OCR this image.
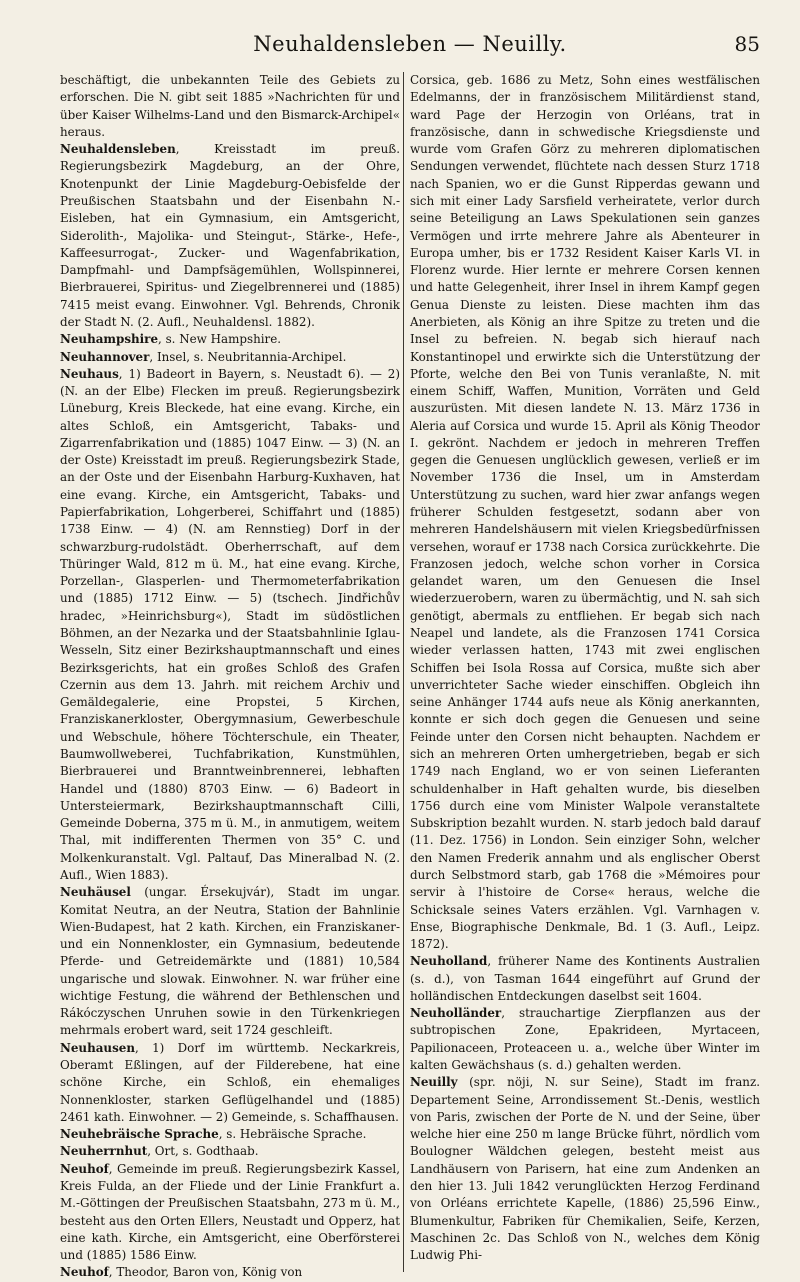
Neuhaldensleben — Neuilly.	85

beschäftigt, die unbekannten Teile des Gebiets zu erforschen. Die N. gibt seit 1885 »Nachrichten für und über Kaiser Wilhelms-Land und den Bismarck-Archipel« heraus.

Neuhaldensleben, Kreisstadt im preuß. Regierungsbezirk Magdeburg, an der Ohre, Knotenpunkt der Linie Magdeburg-Oebisfelde der Preußischen Staatsbahn und der Eisenbahn N.-Eisleben, hat ein Gymnasium, ein Amtsgericht, Siderolith-, Majolika- und Steingut-, Stärke-, Hefe-, Kaffeesurrogat-, Zucker- und Wagenfabrikation, Dampfmahl- und Dampfsägemühlen, Wollspinnerei, Bierbrauerei, Spiritus- und Ziegelbrennerei und (1885) 7415 meist evang. Einwohner. Vgl. Behrends, Chronik der Stadt N. (2. Aufl., Neuhaldensl. 1882).

Neuhampshire, s. New Hampshire.

Neuhannover, Insel, s. Neubritannia-Archipel.

Neuhaus, 1) Badeort in Bayern, s. Neustadt 6). — 2) (N. an der Elbe) Flecken im preuß. Regierungsbezirk Lüneburg, Kreis Bleckede, hat eine evang. Kirche, ein altes Schloß, ein Amtsgericht, Tabaks- und Zigarrenfabrikation und (1885) 1047 Einw. — 3) (N. an der Oste) Kreisstadt im preuß. Regierungsbezirk Stade, an der Oste und der Eisenbahn Harburg-Kuxhaven, hat eine evang. Kirche, ein Amtsgericht, Tabaks- und Papierfabrikation, Lohgerberei, Schiffahrt und (1885) 1738 Einw. — 4) (N. am Rennstieg) Dorf in der schwarzburg-rudolstädt. Oberherrschaft, auf dem Thüringer Wald, 812 m ü. M., hat eine evang. Kirche, Porzellan-, Glasperlen- und Thermometerfabrikation und (1885) 1712 Einw. — 5) (tschech. Jindřichův hradec, »Heinrichsburg«), Stadt im südöstlichen Böhmen, an der Nezarka und der Staatsbahnlinie Iglau-Wesseln, Sitz einer Bezirkshauptmannschaft und eines Bezirksgerichts, hat ein großes Schloß des Grafen Czernin aus dem 13. Jahrh. mit reichem Archiv und Gemäldegalerie, eine Propstei, 5 Kirchen, Franziskanerkloster, Obergymnasium, Gewerbeschule und Webschule, höhere Töchterschule, ein Theater, Baumwollweberei, Tuchfabrikation, Kunstmühlen, Bierbrauerei und Branntweinbrennerei, lebhaften Handel und (1880) 8703 Einw. — 6) Badeort in Untersteiermark, Bezirkshauptmannschaft Cilli, Gemeinde Doberna, 375 m ü. M., in anmutigem, weitem Thal, mit indifferenten Thermen von 35° C. und Molkenkuranstalt. Vgl. Paltauf, Das Mineralbad N. (2. Aufl., Wien 1883).

Neuhäusel (ungar. Érsekujvár), Stadt im ungar. Komitat Neutra, an der Neutra, Station der Bahnlinie Wien-Budapest, hat 2 kath. Kirchen, ein Franziskaner- und ein Nonnenkloster, ein Gymnasium, bedeutende Pferde- und Getreidemärkte und (1881) 10,584 ungarische und slowak. Einwohner. N. war früher eine wichtige Festung, die während der Bethlenschen und Rákóczyschen Unruhen sowie in den Türkenkriegen mehrmals erobert ward, seit 1724 geschleift.

Neuhausen, 1) Dorf im württemb. Neckarkreis, Oberamt Eßlingen, auf der Filderebene, hat eine schöne Kirche, ein Schloß, ein ehemaliges Nonnenkloster, starken Geflügelhandel und (1885) 2461 kath. Einwohner. — 2) Gemeinde, s. Schaffhausen.

Neuhebräische Sprache, s. Hebräische Sprache.

Neuherrnhut, Ort, s. Godthaab.

Neuhof, Gemeinde im preuß. Regierungsbezirk Kassel, Kreis Fulda, an der Fliede und der Linie Frankfurt a. M.-Göttingen der Preußischen Staatsbahn, 273 m ü. M., besteht aus den Orten Ellers, Neustadt und Opperz, hat eine kath. Kirche, ein Amtsgericht, eine Oberförsterei und (1885) 1586 Einw.

Neuhof, Theodor, Baron von, König von

Corsica, geb. 1686 zu Metz, Sohn eines westfälischen Edelmanns, der in französischem Militärdienst stand, ward Page der Herzogin von Orléans, trat in französische, dann in schwedische Kriegsdienste und wurde vom Grafen Görz zu mehreren diplomatischen Sendungen verwendet, flüchtete nach dessen Sturz 1718 nach Spanien, wo er die Gunst Ripperdas gewann und sich mit einer Lady Sarsfield verheiratete, verlor durch seine Beteiligung an Laws Spekulationen sein ganzes Vermögen und irrte mehrere Jahre als Abenteurer in Europa umher, bis er 1732 Resident Kaiser Karls VI. in Florenz wurde. Hier lernte er mehrere Corsen kennen und hatte Gelegenheit, ihrer Insel in ihrem Kampf gegen Genua Dienste zu leisten. Diese machten ihm das Anerbieten, als König an ihre Spitze zu treten und die Insel zu befreien. N. begab sich hierauf nach Konstantinopel und erwirkte sich die Unterstützung der Pforte, welche den Bei von Tunis veranlaßte, N. mit einem Schiff, Waffen, Munition, Vorräten und Geld auszurüsten. Mit diesen landete N. 13. März 1736 in Aleria auf Corsica und wurde 15. April als König Theodor I. gekrönt. Nachdem er jedoch in mehreren Treffen gegen die Genuesen unglücklich gewesen, verließ er im November 1736 die Insel, um in Amsterdam Unterstützung zu suchen, ward hier zwar anfangs wegen früherer Schulden festgesetzt, sodann aber von mehreren Handelshäusern mit vielen Kriegsbedürfnissen versehen, worauf er 1738 nach Corsica zurückkehrte. Die Franzosen jedoch, welche schon vorher in Corsica gelandet waren, um den Genuesen die Insel wiederzuerobern, waren zu übermächtig, und N. sah sich genötigt, abermals zu entfliehen. Er begab sich nach Neapel und landete, als die Franzosen 1741 Corsica wieder verlassen hatten, 1743 mit zwei englischen Schiffen bei Isola Rossa auf Corsica, mußte sich aber unverrichteter Sache wieder einschiffen. Obgleich ihn seine Anhänger 1744 aufs neue als König anerkannten, konnte er sich doch gegen die Genuesen und seine Feinde unter den Corsen nicht behaupten. Nachdem er sich an mehreren Orten umhergetrieben, begab er sich 1749 nach England, wo er von seinen Lieferanten schuldenhalber in Haft gehalten wurde, bis dieselben 1756 durch eine vom Minister Walpole veranstaltete Subskription bezahlt wurden. N. starb jedoch bald darauf (11. Dez. 1756) in London. Sein einziger Sohn, welcher den Namen Frederik annahm und als englischer Oberst durch Selbstmord starb, gab 1768 die »Mémoires pour servir à l'histoire de Corse« heraus, welche die Schicksale seines Vaters erzählen. Vgl. Varnhagen v. Ense, Biographische Denkmale, Bd. 1 (3. Aufl., Leipz. 1872).

Neuholland, früherer Name des Kontinents Australien (s. d.), von Tasman 1644 eingeführt auf Grund der holländischen Entdeckungen daselbst seit 1604.

Neuholländer, strauchartige Zierpflanzen aus der subtropischen Zone, Epakrideen, Myrtaceen, Papilionaceen, Proteaceen u. a., welche über Winter im kalten Gewächshaus (s. d.) gehalten werden.

Neuilly (spr. nöji, N. sur Seine), Stadt im franz. Departement Seine, Arrondissement St.-Denis, westlich von Paris, zwischen der Porte de N. und der Seine, über welche hier eine 250 m lange Brücke führt, nördlich vom Boulogner Wäldchen gelegen, besteht meist aus Landhäusern von Parisern, hat eine zum Andenken an den hier 13. Juli 1842 verunglückten Herzog Ferdinand von Orléans errichtete Kapelle, (1886) 25,596 Einw., Blumenkultur, Fabriken für Chemikalien, Seife, Kerzen, Maschinen 2c. Das Schloß von N., welches dem König Ludwig Phi-
